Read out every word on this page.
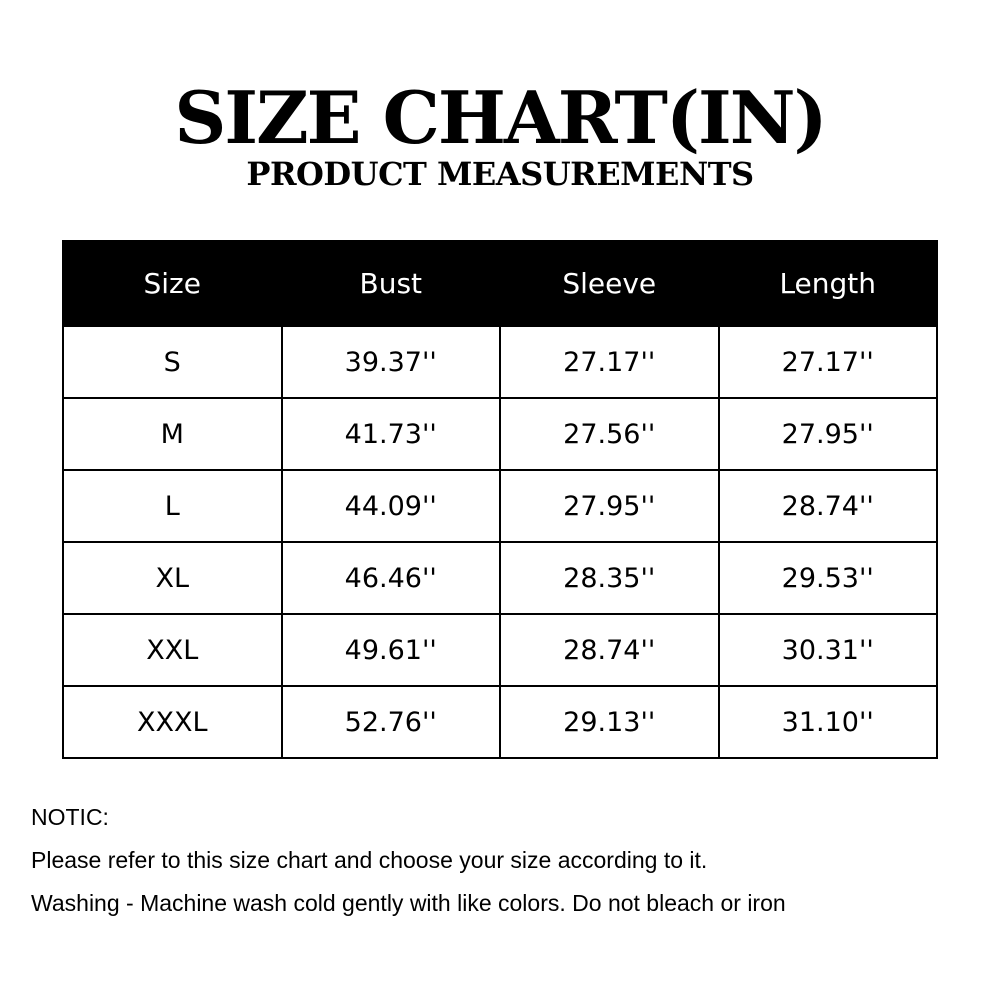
SIZE CHART(IN)
PRODUCT MEASUREMENTS
Size	Bust	Sleeve	Length
S	39.37''	27.17''	27.17''
M	41.73''	27.56''	27.95''
L	44.09''	27.95''	28.74''
XL	46.46''	28.35''	29.53''
XXL	49.61''	28.74''	30.31''
XXXL	52.76''	29.13''	31.10''

NOTIC:

Please refer to this size chart and choose your size according to it.

Washing - Machine wash cold gently with like colors. Do not bleach or iron
